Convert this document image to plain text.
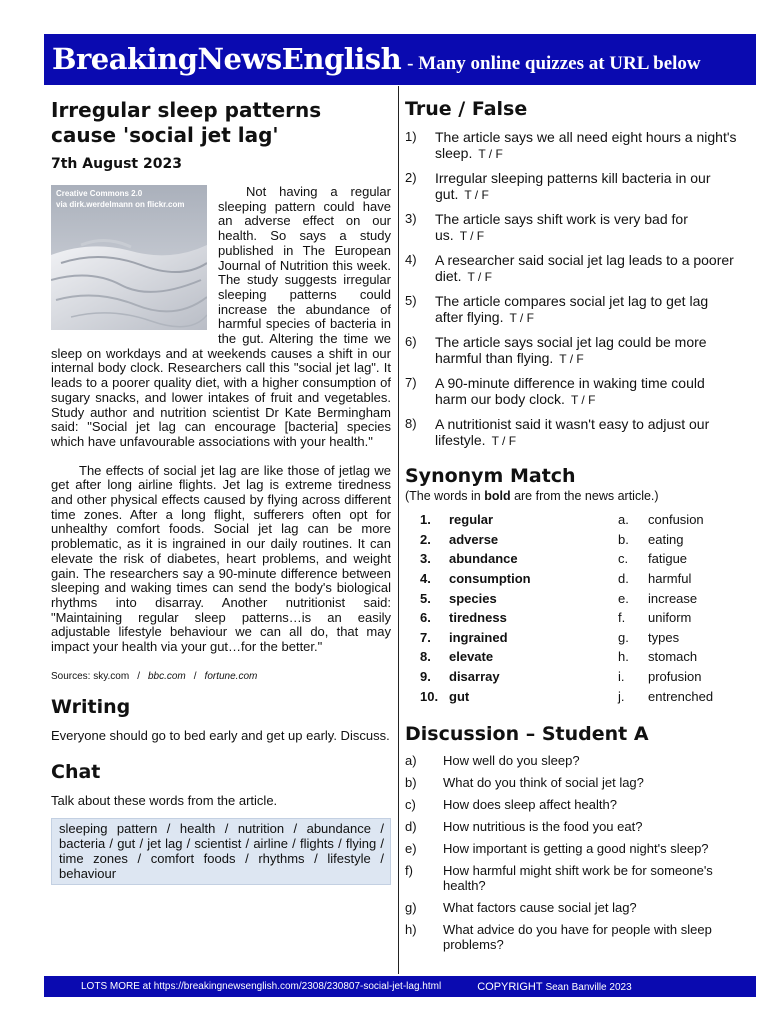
BreakingNewsEnglish - Many online quizzes at URL below
Irregular sleep patterns cause 'social jet lag'
7th August 2023
Creative Commons 2.0
via dirk.werdelmann on flickr.com

Not having a regular sleeping pattern could have an adverse effect on our health. So says a study published in The European Journal of Nutrition this week. The study suggests irregular sleeping patterns could increase the abundance of harmful species of bacteria in the gut. Altering the time we sleep on workdays and at weekends causes a shift in our internal body clock. Researchers call this "social jet lag". It leads to a poorer quality diet, with a higher consumption of sugary snacks, and lower intakes of fruit and vegetables. Study author and nutrition scientist Dr Kate Bermingham said: "Social jet lag can encourage [bacteria] species which have unfavourable associations with your health."

The effects of social jet lag are like those of jetlag we get after long airline flights. Jet lag is extreme tiredness and other physical effects caused by flying across different time zones. After a long flight, sufferers often opt for unhealthy comfort foods. Social jet lag can be more problematic, as it is ingrained in our daily routines. It can elevate the risk of diabetes, heart problems, and weight gain. The researchers say a 90-minute difference between sleeping and waking times can send the body's biological rhythms into disarray. Another nutritionist said: "Maintaining regular sleep patterns…is an easily adjustable lifestyle behaviour we can all do, that may impact your health via your gut…for the better."

Sources: sky.com / bbc.com / fortune.com
Writing
Everyone should go to bed early and get up early. Discuss.
Chat
Talk about these words from the article.
sleeping pattern / health / nutrition / abundance / bacteria / gut / jet lag / scientist / airline / flights / flying / time zones / comfort foods / rhythms / lifestyle / behaviour
True / False
1)	The article says we all need eight hours a night's sleep. T / F
2)	Irregular sleeping patterns kill bacteria in our gut. T / F
3)	The article says shift work is very bad for us. T / F
4)	A researcher said social jet lag leads to a poorer diet. T / F
5)	The article compares social jet lag to get lag after flying. T / F
6)	The article says social jet lag could be more harmful than flying. T / F
7)	A 90-minute difference in waking time could harm our body clock. T / F
8)	A nutritionist said it wasn't easy to adjust our lifestyle. T / F
Synonym Match
(The words in bold are from the news article.)
1.	regular	a.	confusion
2.	adverse	b.	eating
3.	abundance	c.	fatigue
4.	consumption	d.	harmful
5.	species	e.	increase
6.	tiredness	f.	uniform
7.	ingrained	g.	types
8.	elevate	h.	stomach
9.	disarray	i.	profusion
10. gut	j.	entrenched
Discussion – Student A
a)	How well do you sleep?
b)	What do you think of social jet lag?
c)	How does sleep affect health?
d)	How nutritious is the food you eat?
e)	How important is getting a good night's sleep?
f)	How harmful might shift work be for someone's health?
g)	What factors cause social jet lag?
h)	What advice do you have for people with sleep problems?
LOTS MORE at https://breakingnewsenglish.com/2308/230807-social-jet-lag.html	COPYRIGHT Sean Banville 2023
